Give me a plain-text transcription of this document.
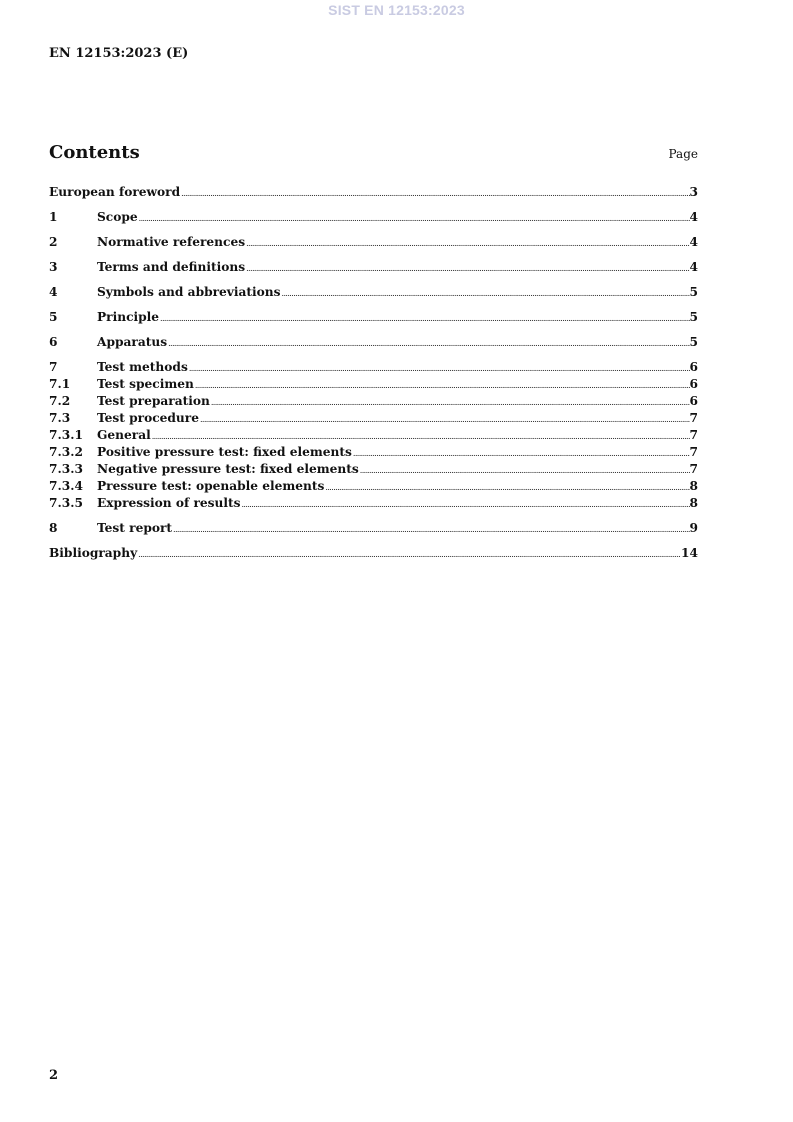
SIST EN 12153:2023
EN 12153:2023 (E)
Contents	Page
European foreword .....	3
1	Scope .....	4
2	Normative references .....	4
3	Terms and definitions .....	4
4	Symbols and abbreviations .....	5
5	Principle .....	5
6	Apparatus .....	5
7	Test methods .....	6
7.1	Test specimen .....	6
7.2	Test preparation .....	6
7.3	Test procedure .....	7
7.3.1	General .....	7
7.3.2	Positive pressure test: fixed elements .....	7
7.3.3	Negative pressure test: fixed elements .....	7
7.3.4	Pressure test: openable elements .....	8
7.3.5	Expression of results .....	8
8	Test report .....	9
Bibliography .....	14
2
